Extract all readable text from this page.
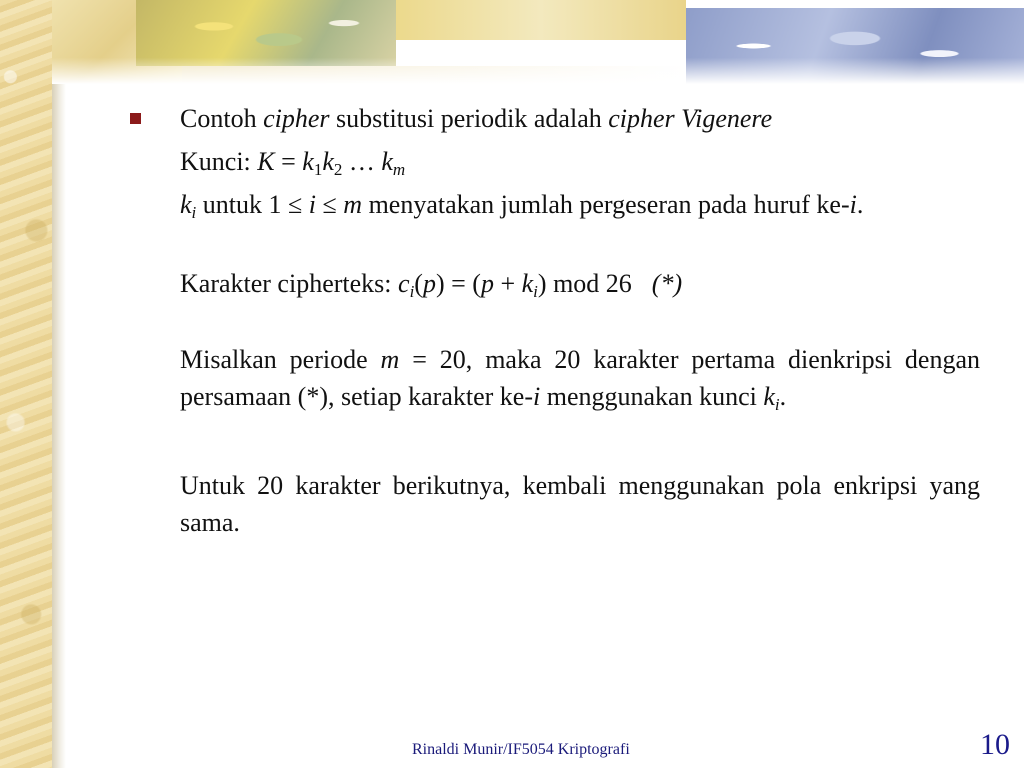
Contoh cipher substitusi periodik adalah cipher Vigenere
Kunci: $K = k_1k_2$ … $k_m$
$k_i$ untuk 1 ≤ i ≤ m menyatakan jumlah pergeseran pada huruf ke-i.
Karakter cipherteks: $c_i(p) = (p + k_i)$ mod 26 (*)
Misalkan periode m = 20, maka 20 karakter pertama dienkripsi dengan persamaan (*), setiap karakter ke-i menggunakan kunci $k_i$.
Untuk 20 karakter berikutnya, kembali menggunakan pola enkripsi yang sama.
Rinaldi Munir/IF5054 Kriptografi	10
